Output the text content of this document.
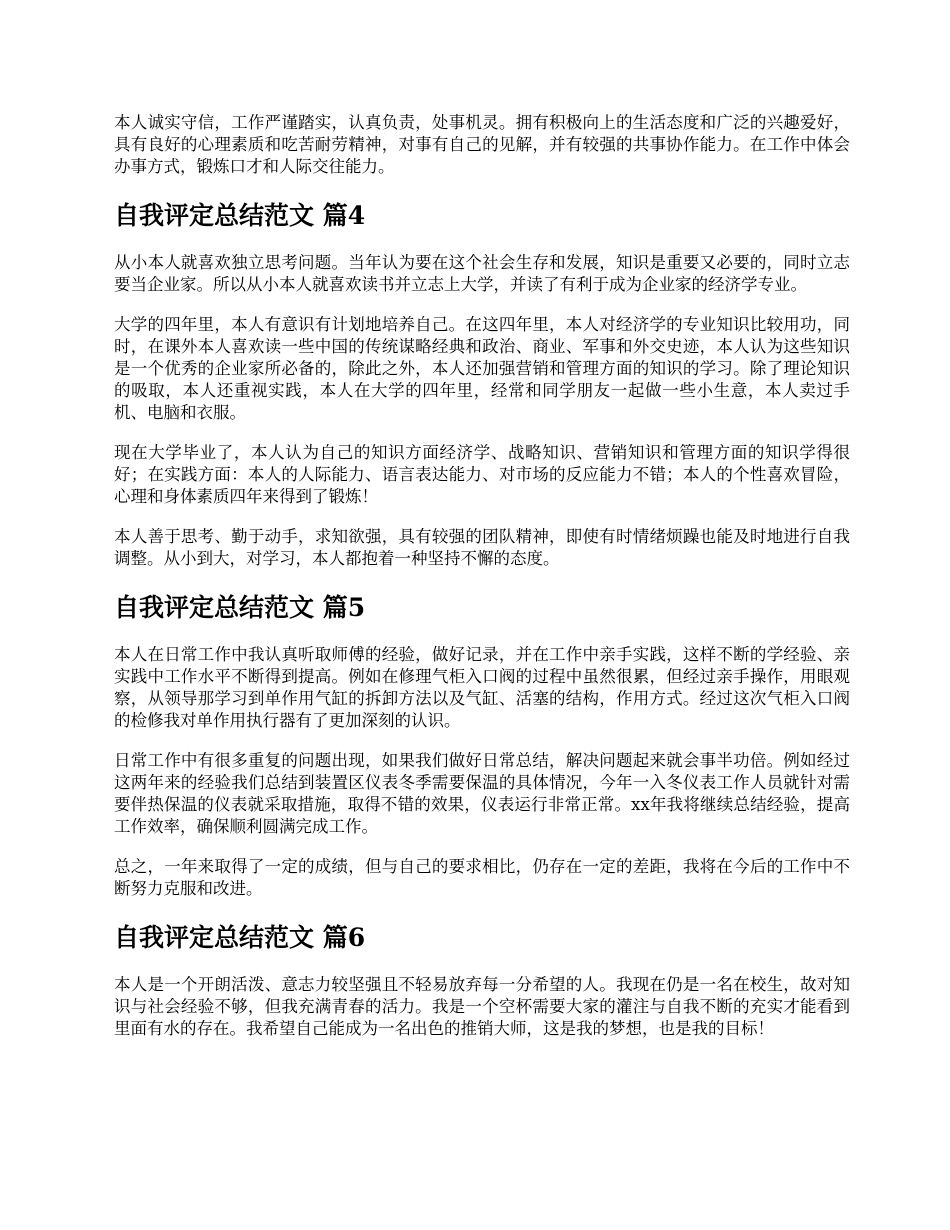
本人诚实守信，工作严谨踏实，认真负责，处事机灵。拥有积极向上的生活态度和广泛的兴趣爱好，具有良好的心理素质和吃苦耐劳精神，对事有自己的见解，并有较强的共事协作能力。在工作中体会办事方式，锻炼口才和人际交往能力。

自我评定总结范文 篇4

从小本人就喜欢独立思考问题。当年认为要在这个社会生存和发展，知识是重要又必要的，同时立志要当企业家。所以从小本人就喜欢读书并立志上大学，并读了有利于成为企业家的经济学专业。

大学的四年里，本人有意识有计划地培养自己。在这四年里，本人对经济学的专业知识比较用功，同时，在课外本人喜欢读一些中国的传统谋略经典和政治、商业、军事和外交史迹，本人认为这些知识是一个优秀的企业家所必备的，除此之外，本人还加强营销和管理方面的知识的学习。除了理论知识的吸取，本人还重视实践，本人在大学的四年里，经常和同学朋友一起做一些小生意，本人卖过手机、电脑和衣服。

现在大学毕业了，本人认为自己的知识方面经济学、战略知识、营销知识和管理方面的知识学得很好；在实践方面：本人的人际能力、语言表达能力、对市场的反应能力不错；本人的个性喜欢冒险，心理和身体素质四年来得到了锻炼！

本人善于思考、勤于动手，求知欲强，具有较强的团队精神，即使有时情绪烦躁也能及时地进行自我调整。从小到大，对学习，本人都抱着一种坚持不懈的态度。

自我评定总结范文 篇5

本人在日常工作中我认真听取师傅的经验，做好记录，并在工作中亲手实践，这样不断的学经验、亲实践中工作水平不断得到提高。例如在修理气柜入口阀的过程中虽然很累，但经过亲手操作，用眼观察，从领导那学习到单作用气缸的拆卸方法以及气缸、活塞的结构，作用方式。经过这次气柜入口阀的检修我对单作用执行器有了更加深刻的认识。

日常工作中有很多重复的问题出现，如果我们做好日常总结，解决问题起来就会事半功倍。例如经过这两年来的经验我们总结到装置区仪表冬季需要保温的具体情况，今年一入冬仪表工作人员就针对需要伴热保温的仪表就采取措施，取得不错的效果，仪表运行非常正常。xx年我将继续总结经验，提高工作效率，确保顺利圆满完成工作。

总之，一年来取得了一定的成绩，但与自己的要求相比，仍存在一定的差距，我将在今后的工作中不断努力克服和改进。

自我评定总结范文 篇6

本人是一个开朗活泼、意志力较坚强且不轻易放弃每一分希望的人。我现在仍是一名在校生，故对知识与社会经验不够，但我充满青春的活力。我是一个空杯需要大家的灌注与自我不断的充实才能看到里面有水的存在。我希望自己能成为一名出色的推销大师，这是我的梦想，也是我的目标！
